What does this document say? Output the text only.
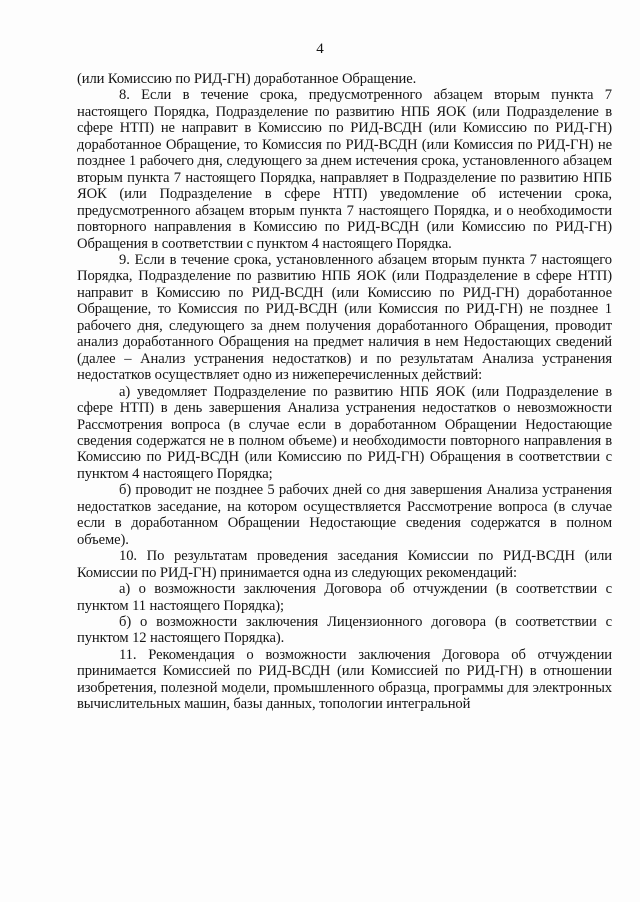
4

(или Комиссию по РИД-ГН) доработанное Обращение.

8. Если в течение срока, предусмотренного абзацем вторым пункта 7 настоящего Порядка, Подразделение по развитию НПБ ЯОК (или Подразделение в сфере НТП) не направит в Комиссию по РИД-ВСДН (или Комиссию по РИД-ГН) доработанное Обращение, то Комиссия по РИД-ВСДН (или Комиссия по РИД-ГН) не позднее 1 рабочего дня, следующего за днем истечения срока, установленного абзацем вторым пункта 7 настоящего Порядка, направляет в Подразделение по развитию НПБ ЯОК (или Подразделение в сфере НТП) уведомление об истечении срока, предусмотренного абзацем вторым пункта 7 настоящего Порядка, и о необходимости повторного направления в Комиссию по РИД-ВСДН (или Комиссию по РИД-ГН) Обращения в соответствии с пунктом 4 настоящего Порядка.

9. Если в течение срока, установленного абзацем вторым пункта 7 настоящего Порядка, Подразделение по развитию НПБ ЯОК (или Подразделение в сфере НТП) направит в Комиссию по РИД-ВСДН (или Комиссию по РИД-ГН) доработанное Обращение, то Комиссия по РИД-ВСДН (или Комиссия по РИД-ГН) не позднее 1 рабочего дня, следующего за днем получения доработанного Обращения, проводит анализ доработанного Обращения на предмет наличия в нем Недостающих сведений (далее – Анализ устранения недостатков) и по результатам Анализа устранения недостатков осуществляет одно из нижеперечисленных действий:

а) уведомляет Подразделение по развитию НПБ ЯОК (или Подразделение в сфере НТП) в день завершения Анализа устранения недостатков о невозможности Рассмотрения вопроса (в случае если в доработанном Обращении Недостающие сведения содержатся не в полном объеме) и необходимости повторного направления в Комиссию по РИД-ВСДН (или Комиссию по РИД-ГН) Обращения в соответствии с пунктом 4 настоящего Порядка;

б) проводит не позднее 5 рабочих дней со дня завершения Анализа устранения недостатков заседание, на котором осуществляется Рассмотрение вопроса (в случае если в доработанном Обращении Недостающие сведения содержатся в полном объеме).

10. По результатам проведения заседания Комиссии по РИД-ВСДН (или Комиссии по РИД-ГН) принимается одна из следующих рекомендаций:

а) о возможности заключения Договора об отчуждении (в соответствии с пунктом 11 настоящего Порядка);

б) о возможности заключения Лицензионного договора (в соответствии с пунктом 12 настоящего Порядка).

11. Рекомендация о возможности заключения Договора об отчуждении принимается Комиссией по РИД-ВСДН (или Комиссией по РИД-ГН) в отношении изобретения, полезной модели, промышленного образца, программы для электронных вычислительных машин, базы данных, топологии интегральной
